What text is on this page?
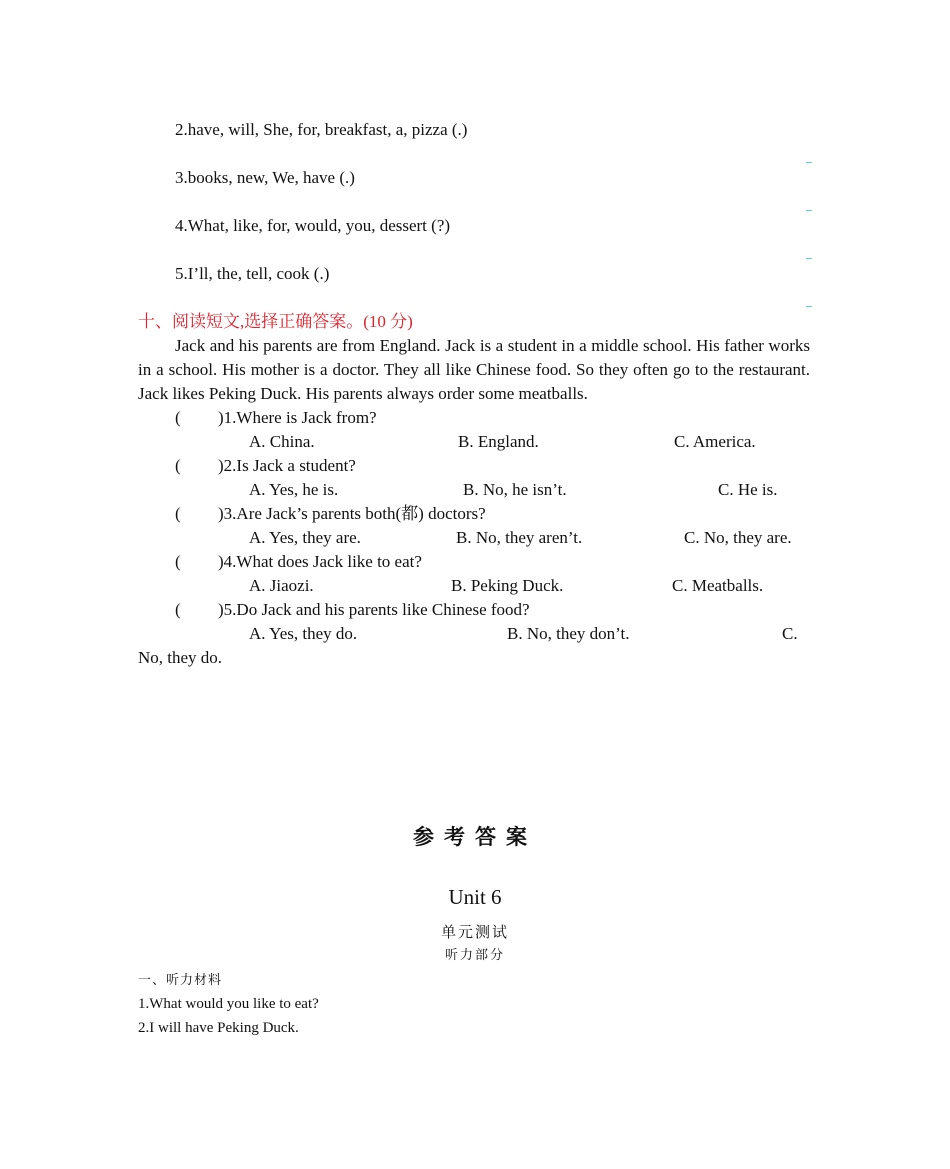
2.have, will, She, for, breakfast, a, pizza (.)
3.books, new, We, have (.)
4.What, like, for, would, you, dessert (?)
5.I’ll, the, tell, cook (.)
十、阅读短文,选择正确答案。(10 分)
Jack and his parents are from England. Jack is a student in a middle school. His father works in a school. His mother is a doctor. They all like Chinese food. So they often go to the restaurant. Jack likes Peking Duck. His parents always order some meatballs.
( )1.Where is Jack from?
A. China.	B. England.	C. America.
( )2.Is Jack a student?
A. Yes, he is.	B. No, he isn’t.	C. He is.
( )3.Are Jack’s parents both(都) doctors?
A. Yes, they are.	B. No, they aren’t.	C. No, they are.
( )4.What does Jack like to eat?
A. Jiaozi.	B. Peking Duck.	C. Meatballs.
( )5.Do Jack and his parents like Chinese food?
A. Yes, they do.	B. No, they don’t.	C.
No, they do.
参考答案
Unit 6
单元测试
听力部分
一、听力材料
1.What would you like to eat?
2.I will have Peking Duck.
